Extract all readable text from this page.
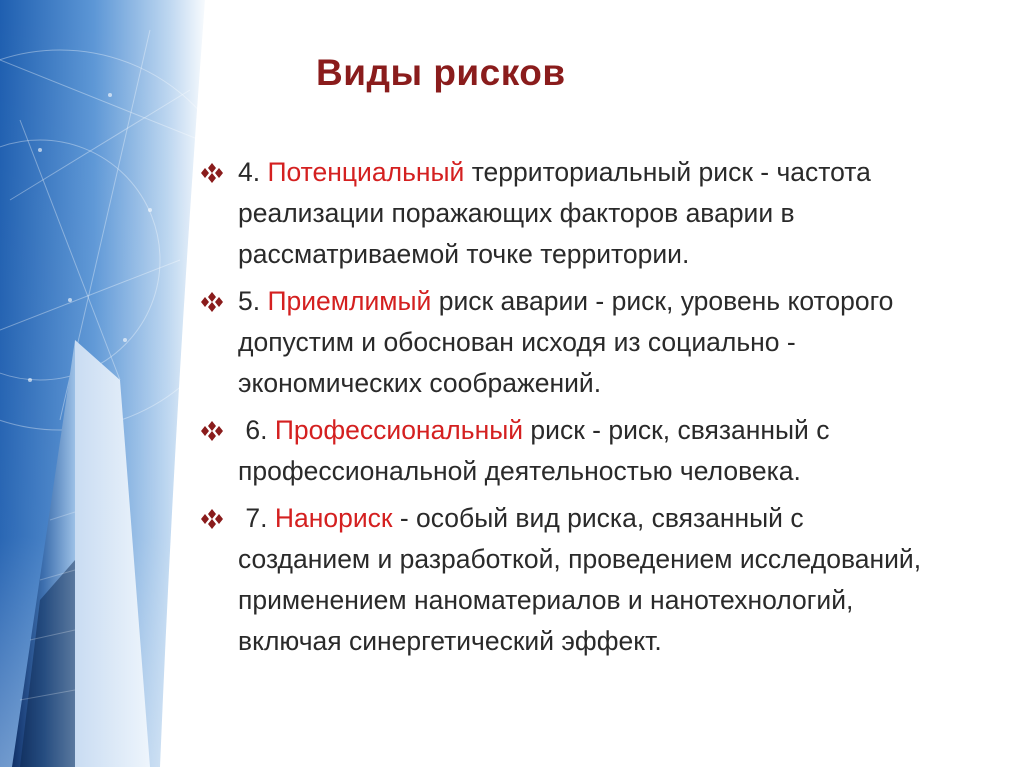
Виды рисков
4. Потенциальный территориальный риск - частота
реализации поражающих факторов аварии в
рассматриваемой точке территории.
5. Приемлимый риск аварии - риск, уровень которого
допустим и обоснован исходя из социально -
экономических соображений.
6. Профессиональный риск - риск, связанный с
профессиональной деятельностью человека.
7. Нанориск - особый вид риска, связанный с
созданием и разработкой, проведением исследований,
применением наноматериалов и нанотехнологий,
включая синергетический эффект.
